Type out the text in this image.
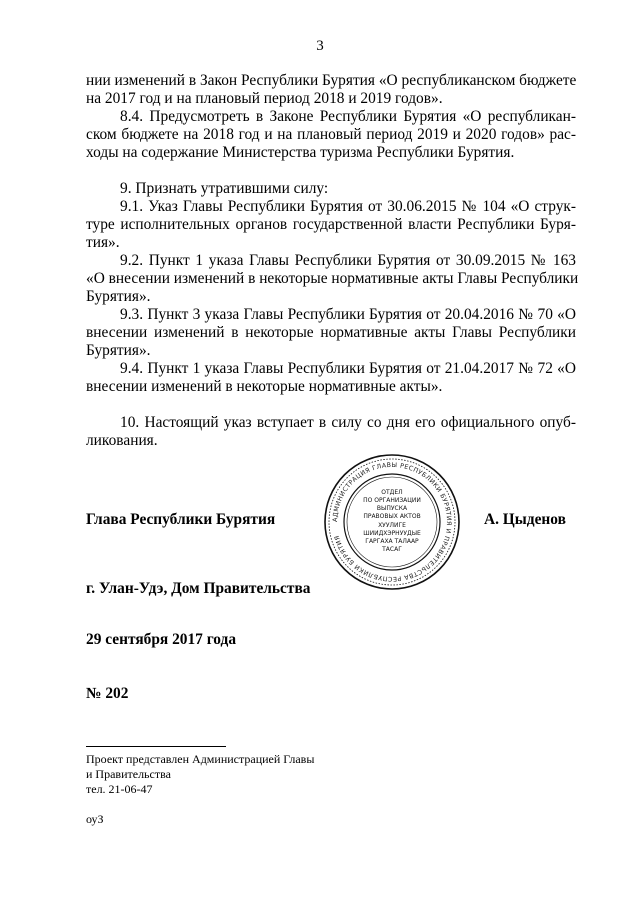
3
нии изменений в Закон Республики Бурятия «О республиканском бюджете
на 2017 год и на плановый период 2018 и 2019 годов».
8.4. Предусмотреть в Законе Республики Бурятия «О республикан-
ском бюджете на 2018 год и на плановый период 2019 и 2020 годов» рас-
ходы на содержание Министерства туризма Республики Бурятия.
9. Признать утратившими силу:
9.1. Указ Главы Республики Бурятия от 30.06.2015 № 104 «О струк-
туре исполнительных органов государственной власти Республики Буря-
тия».
9.2. Пункт 1 указа Главы Республики Бурятия от 30.09.2015 № 163
«О внесении изменений в некоторые нормативные акты Главы Республики
Бурятия».
9.3. Пункт 3 указа Главы Республики Бурятия от 20.04.2016 № 70 «О
внесении изменений в некоторые нормативные акты Главы Республики
Бурятия».
9.4. Пункт 1 указа Главы Республики Бурятия от 21.04.2017 № 72 «О
внесении изменений в некоторые нормативные акты».
10. Настоящий указ вступает в силу со дня его официального опуб-
ликования.
Глава Республики Бурятия	АДМИНИСТРАЦИЯ ГЛАВЫ РЕСПУБЛИКИ БУРЯТИЯ И ПРАВИТЕЛЬСТВА РЕСПУБЛИКИ БУРЯТИЯ
ОТДЕЛ
ПО ОРГАНИЗАЦИИ
ВЫПУСКА
ПРАВОВЫХ АКТОВ
ХУУЛИГЕ
ШИИДХЭРНУУДЫЕ
ГАРГАХА ТАЛААР
ТАСАГ
А. Цыденов
г. Улан-Удэ, Дом Правительства
29 сентября 2017 года
№ 202
Проект представлен Администрацией Главы
и Правительства
тел. 21-06-47
оуЗ
